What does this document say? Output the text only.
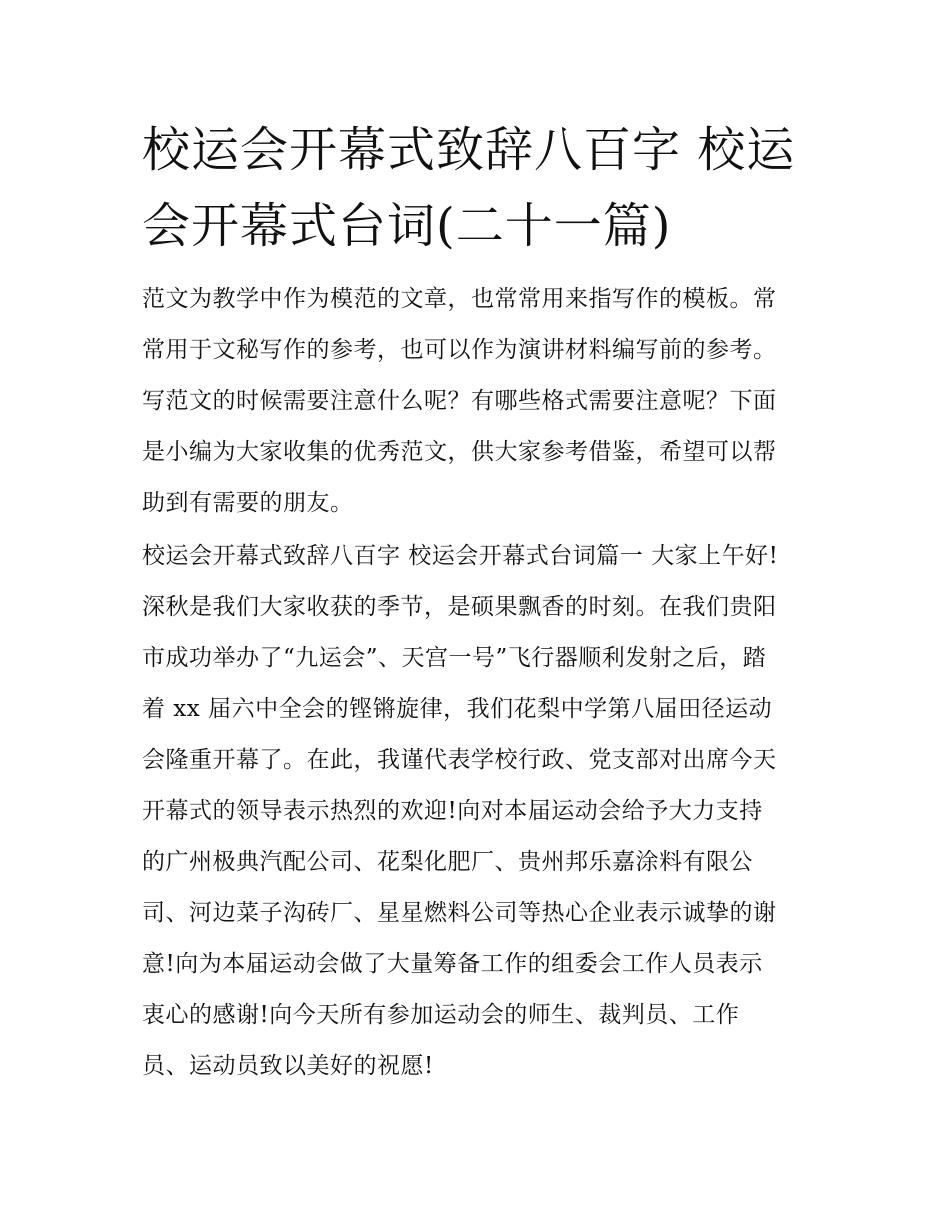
校运会开幕式致辞八百字 校运
会开幕式台词(二十一篇)

范文为教学中作为模范的文章，也常常用来指写作的模板。常
常用于文秘写作的参考，也可以作为演讲材料编写前的参考。
写范文的时候需要注意什么呢？有哪些格式需要注意呢？下面
是小编为大家收集的优秀范文，供大家参考借鉴，希望可以帮
助到有需要的朋友。

校运会开幕式致辞八百字 校运会开幕式台词篇一 大家上午好!
深秋是我们大家收获的季节，是硕果飘香的时刻。在我们贵阳
市成功举办了“九运会”、天宫一号”飞行器顺利发射之后，踏
着 xx 届六中全会的铿锵旋律，我们花梨中学第八届田径运动
会隆重开幕了。在此，我谨代表学校行政、党支部对出席今天
开幕式的领导表示热烈的欢迎!向对本届运动会给予大力支持
的广州极典汽配公司、花梨化肥厂、贵州邦乐嘉涂料有限公
司、河边菜子沟砖厂、星星燃料公司等热心企业表示诚挚的谢
意!向为本届运动会做了大量筹备工作的组委会工作人员表示
衷心的感谢!向今天所有参加运动会的师生、裁判员、工作
员、运动员致以美好的祝愿!
